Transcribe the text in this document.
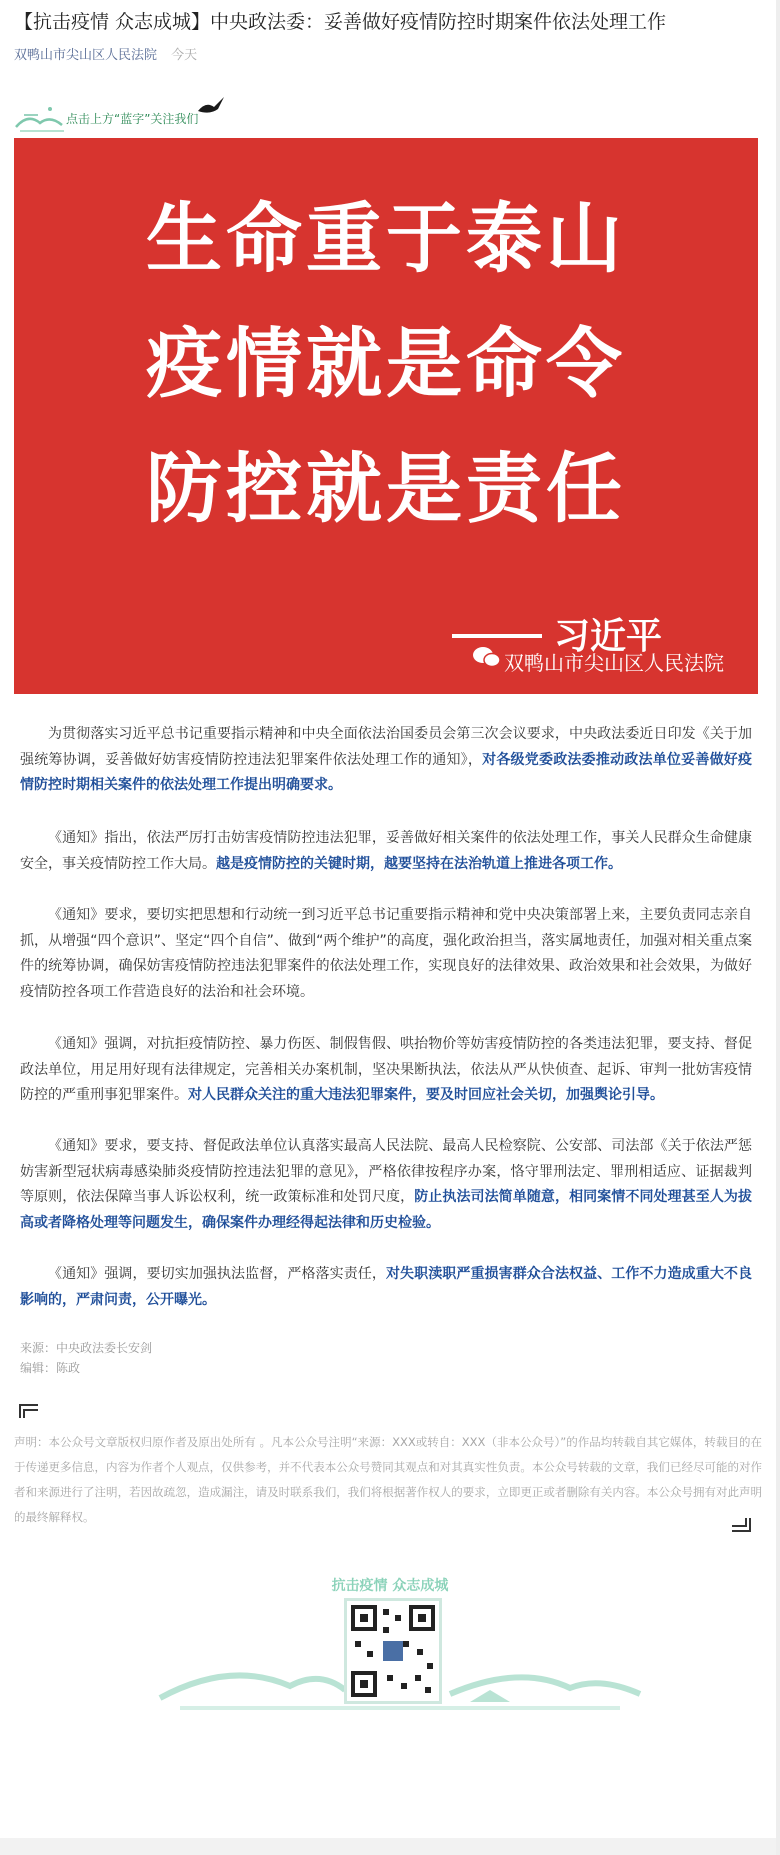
【抗击疫情 众志成城】中央政法委：妥善做好疫情防控时期案件依法处理工作
双鸭山市尖山区人民法院 今天
点击上方“蓝字”关注我们
生命重于泰山
疫情就是命令
防控就是责任
习近平
双鸭山市尖山区人民法院
为贯彻落实习近平总书记重要指示精神和中央全面依法治国委员会第三次会议要求，中央政法委近日印发《关于加强统筹协调，妥善做好妨害疫情防控违法犯罪案件依法处理工作的通知》，对各级党委政法委推动政法单位妥善做好疫情防控时期相关案件的依法处理工作提出明确要求。
《通知》指出，依法严厉打击妨害疫情防控违法犯罪，妥善做好相关案件的依法处理工作，事关人民群众生命健康安全，事关疫情防控工作大局。越是疫情防控的关键时期，越要坚持在法治轨道上推进各项工作。
《通知》要求，要切实把思想和行动统一到习近平总书记重要指示精神和党中央决策部署上来，主要负责同志亲自抓，从增强“四个意识”、坚定“四个自信”、做到“两个维护”的高度，强化政治担当，落实属地责任，加强对相关重点案件的统筹协调，确保妨害疫情防控违法犯罪案件的依法处理工作，实现良好的法律效果、政治效果和社会效果，为做好疫情防控各项工作营造良好的法治和社会环境。
《通知》强调，对抗拒疫情防控、暴力伤医、制假售假、哄抬物价等妨害疫情防控的各类违法犯罪，要支持、督促政法单位，用足用好现有法律规定，完善相关办案机制，坚决果断执法，依法从严从快侦查、起诉、审判一批妨害疫情防控的严重刑事犯罪案件。对人民群众关注的重大违法犯罪案件，要及时回应社会关切，加强舆论引导。
《通知》要求，要支持、督促政法单位认真落实最高人民法院、最高人民检察院、公安部、司法部《关于依法严惩妨害新型冠状病毒感染肺炎疫情防控违法犯罪的意见》，严格依律按程序办案，恪守罪刑法定、罪刑相适应、证据裁判等原则，依法保障当事人诉讼权利，统一政策标准和处罚尺度，防止执法司法简单随意，相同案情不同处理甚至人为拔高或者降格处理等问题发生，确保案件办理经得起法律和历史检验。
《通知》强调，要切实加强执法监督，严格落实责任，对失职渎职严重损害群众合法权益、工作不力造成重大不良影响的，严肃问责，公开曝光。
来源：中央政法委长安剑
编辑：陈政
声明：本公众号文章版权归原作者及原出处所有 。凡本公众号注明“来源：XXX或转自：XXX（非本公众号）”的作品均转载自其它媒体，转载目的在于传递更多信息，内容为作者个人观点，仅供参考，并不代表本公众号赞同其观点和对其真实性负责。本公众号转载的文章，我们已经尽可能的对作者和来源进行了注明，若因故疏忽，造成漏注，请及时联系我们，我们将根据著作权人的要求，立即更正或者删除有关内容。本公众号拥有对此声明的最终解释权。
抗击疫情 众志成城
